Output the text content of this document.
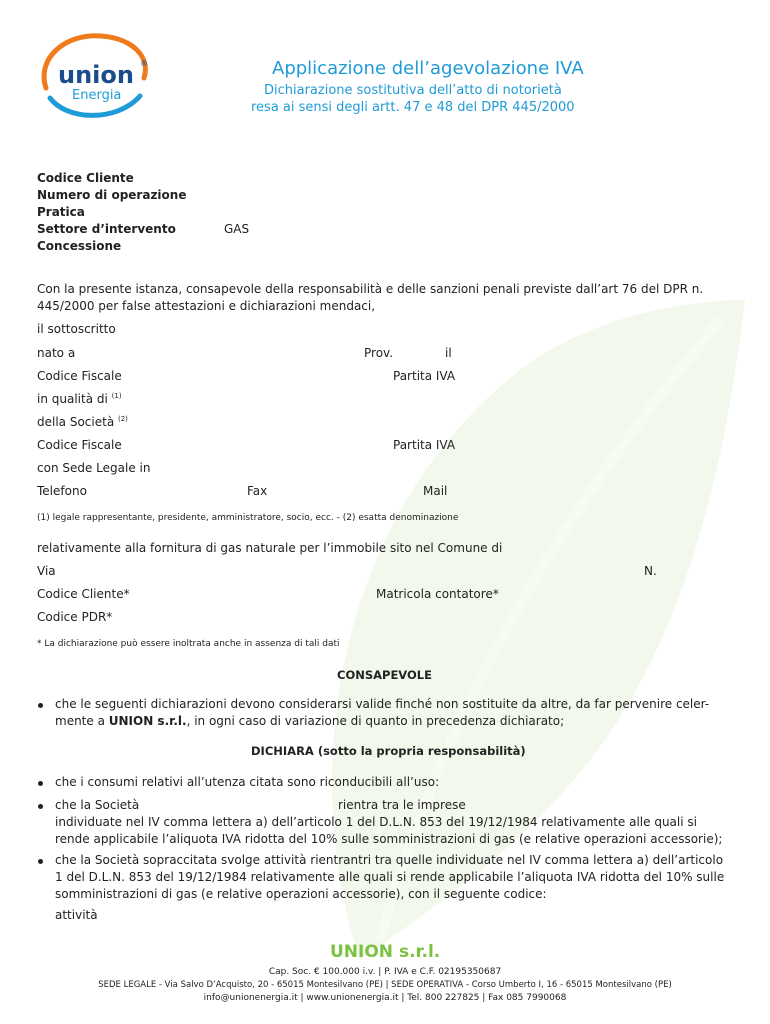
union
Energia
®	Applicazione dell’agevolazione IVA
Dichiarazione sostitutiva dell’atto di notorietà
resa ai sensi degli artt. 47 e 48 del DPR 445/2000
Codice Cliente
Numero di operazione
Pratica
Settore d’intervento	GAS
Concessione
Con la presente istanza, consapevole della responsabilità e delle sanzioni penali previste dall’art 76 del DPR n.
445/2000 per false attestazioni e dichiarazioni mendaci,
il sottoscritto
nato a	Prov.	il
Codice Fiscale	Partita IVA
in qualità di $^{(1)}$
della Società $^{(2)}$
Codice Fiscale	Partita IVA
con Sede Legale in
Telefono	Fax	Mail
(1) legale rappresentante, presidente, amministratore, socio, ecc. - (2) esatta denominazione
relativamente alla fornitura di gas naturale per l’immobile sito nel Comune di
Via	N.
Codice Cliente*	Matricola contatore*
Codice PDR*
* La dichiarazione può essere inoltrata anche in assenza di tali dati
CONSAPEVOLE
che le seguenti dichiarazioni devono considerarsi valide finché non sostituite da altre, da far pervenire celer-
mente a UNION s.r.l., in ogni caso di variazione di quanto in precedenza dichiarato;
DICHIARA (sotto la propria responsabilità)
che i consumi relativi all’utenza citata sono riconducibili all’uso:
che la Società	rientra tra le imprese
individuate nel IV comma lettera a) dell’articolo 1 del D.L.N. 853 del 19/12/1984 relativamente alle quali si
rende applicabile l’aliquota IVA ridotta del 10% sulle somministrazioni di gas (e relative operazioni accessorie);
che la Società sopraccitata svolge attività rientrantri tra quelle individuate nel IV comma lettera a) dell’articolo
1 del D.L.N. 853 del 19/12/1984 relativamente alle quali si rende applicabile l’aliquota IVA ridotta del 10% sulle
somministrazioni di gas (e relative operazioni accessorie), con il seguente codice:
attività
UNION s.r.l.
Cap. Soc. € 100.000 i.v. | P. IVA e C.F. 02195350687
SEDE LEGALE - Via Salvo D’Acquisto, 20 - 65015 Montesilvano (PE) | SEDE OPERATIVA - Corso Umberto I, 16 - 65015 Montesilvano (PE)
info@unionenergia.it | www.unionenergia.it | Tel. 800 227825 | Fax 085 7990068
